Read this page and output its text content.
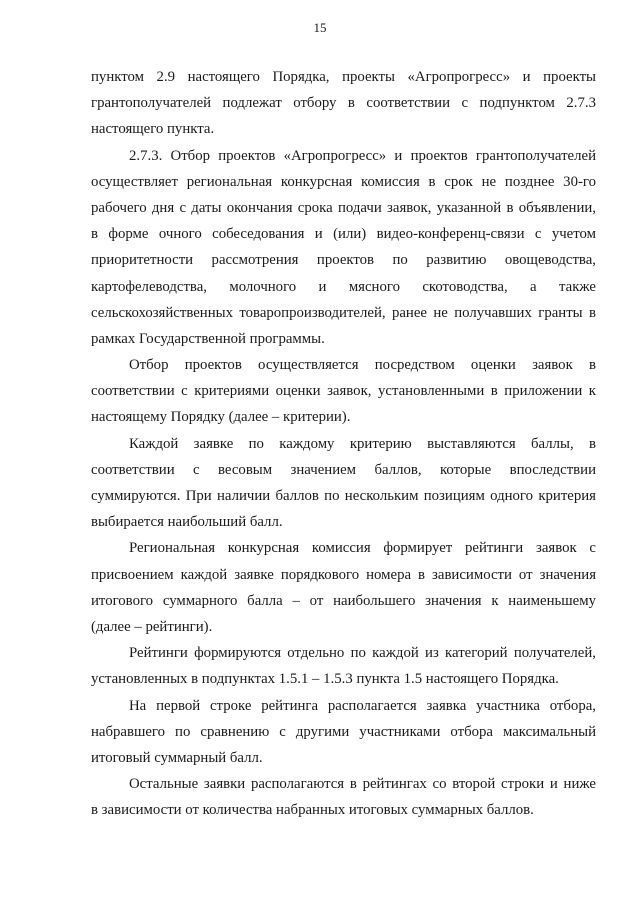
15
пунктом 2.9 настоящего Порядка, проекты «Агропрогресс» и проекты
грантополучателей подлежат отбору в соответствии с подпунктом 2.7.3
настоящего пункта.
2.7.3. Отбор проектов «Агропрогресс» и проектов грантополучателей
осуществляет региональная конкурсная комиссия в срок не позднее 30-го
рабочего дня с даты окончания срока подачи заявок, указанной в объявлении,
в форме очного собеседования и (или) видео-конференц-связи с учетом
приоритетности рассмотрения проектов по развитию овощеводства,
картофелеводства, молочного и мясного скотоводства, а также
сельскохозяйственных товаропроизводителей, ранее не получавших гранты в
рамках Государственной программы.
Отбор проектов осуществляется посредством оценки заявок в
соответствии с критериями оценки заявок, установленными в приложении к
настоящему Порядку (далее – критерии).
Каждой заявке по каждому критерию выставляются баллы, в
соответствии с весовым значением баллов, которые впоследствии
суммируются. При наличии баллов по нескольким позициям одного критерия
выбирается наибольший балл.
Региональная конкурсная комиссия формирует рейтинги заявок с
присвоением каждой заявке порядкового номера в зависимости от значения
итогового суммарного балла – от наибольшего значения к наименьшему
(далее – рейтинги).
Рейтинги формируются отдельно по каждой из категорий получателей,
установленных в подпунктах 1.5.1 – 1.5.3 пункта 1.5 настоящего Порядка.
На первой строке рейтинга располагается заявка участника отбора,
набравшего по сравнению с другими участниками отбора максимальный
итоговый суммарный балл.
Остальные заявки располагаются в рейтингах со второй строки и ниже
в зависимости от количества набранных итоговых суммарных баллов.
